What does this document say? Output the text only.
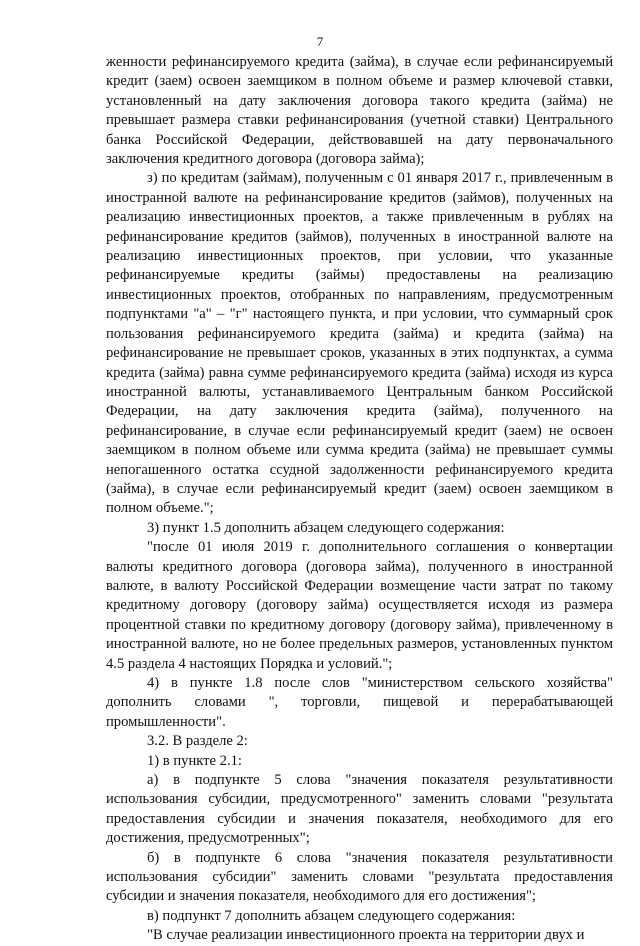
7

женности рефинансируемого кредита (займа), в случае если рефинансируемый кредит (заем) освоен заемщиком в полном объеме и размер ключевой ставки, установленный на дату заключения договора такого кредита (займа) не превышает размера ставки рефинансирования (учетной ставки) Центрального банка Российской Федерации, действовавшей на дату первоначального заключения кредитного договора (договора займа);

з) по кредитам (займам), полученным с 01 января 2017 г., привлеченным в иностранной валюте на рефинансирование кредитов (займов), полученных на реализацию инвестиционных проектов, а также привлеченным в рублях на рефинансирование кредитов (займов), полученных в иностранной валюте на реализацию инвестиционных проектов, при условии, что указанные рефинансируемые кредиты (займы) предоставлены на реализацию инвестиционных проектов, отобранных по направлениям, предусмотренным подпунктами "а" – "г" настоящего пункта, и при условии, что суммарный срок пользования рефинансируемого кредита (займа) и кредита (займа) на рефинансирование не превышает сроков, указанных в этих подпунктах, а сумма кредита (займа) равна сумме рефинансируемого кредита (займа) исходя из курса иностранной валюты, устанавливаемого Центральным банком Российской Федерации, на дату заключения кредита (займа), полученного на рефинансирование, в случае если рефинансируемый кредит (заем) не освоен заемщиком в полном объеме или сумма кредита (займа) не превышает суммы непогашенного остатка ссудной задолженности рефинансируемого кредита (займа), в случае если рефинансируемый кредит (заем) освоен заемщиком в полном объеме.";

3) пункт 1.5 дополнить абзацем следующего содержания:

"после 01 июля 2019 г. дополнительного соглашения о конвертации валюты кредитного договора (договора займа), полученного в иностранной валюте, в валюту Российской Федерации возмещение части затрат по такому кредитному договору (договору займа) осуществляется исходя из размера процентной ставки по кредитному договору (договору займа), привлеченному в иностранной валюте, но не более предельных размеров, установленных пунктом 4.5 раздела 4 настоящих Порядка и условий.";

4) в пункте 1.8 после слов "министерством сельского хозяйства" дополнить словами ", торговли, пищевой и перерабатывающей промышленности".

3.2. В разделе 2:

1) в пункте 2.1:

а) в подпункте 5 слова "значения показателя результативности использования субсидии, предусмотренного" заменить словами "результата предоставления субсидии и значения показателя, необходимого для его достижения, предусмотренных";

б) в подпункте 6 слова "значения показателя результативности использования субсидии" заменить словами "результата предоставления субсидии и значения показателя, необходимого для его достижения";

в) подпункт 7 дополнить абзацем следующего содержания:

"В случае реализации инвестиционного проекта на территории двух и
